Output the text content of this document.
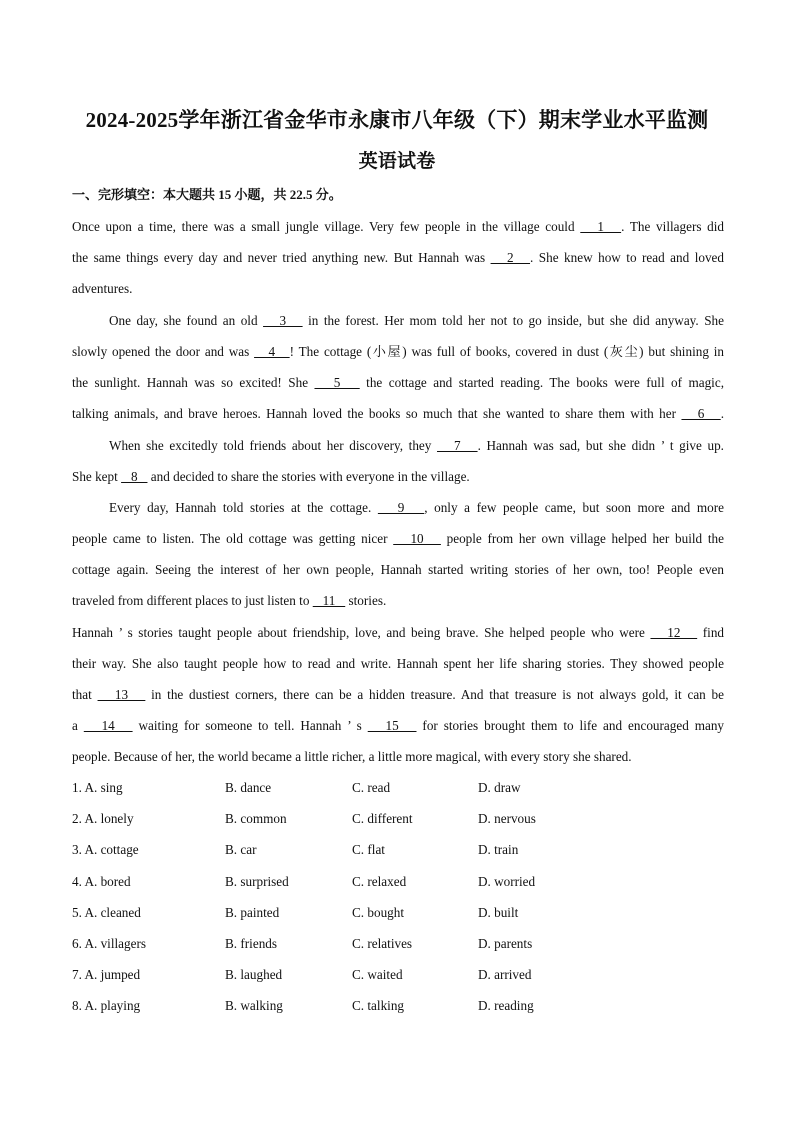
2024-2025学年浙江省金华市永康市八年级（下）期末学业水平监测
英语试卷
一、完形填空：本大题共 15 小题，共 22.5 分。
Once upon a time, there was a small jungle village. Very few people in the village could    1   . The villagers did
the same things every day and never tried anything new. But Hannah was    2   . She knew how to read and loved
adventures.
One day, she found an old    3    in the forest. Her mom told her not to go inside, but she did anyway. She
slowly opened the door and was    4   ! The cottage (小屋) was full of books, covered in dust (灰尘) but shining in
the sunlight. Hannah was so excited! She    5    the cottage and started reading. The books were full of magic,
talking animals, and brave heroes. Hannah loved the books so much that she wanted to share them with her    6   .
When she excitedly told friends about her discovery, they    7   . Hannah was sad, but she didn ’ t give up.
She kept    8    and decided to share the stories with everyone in the village.
Every day, Hannah told stories at the cottage.    9   , only a few people came, but soon more and more
people came to listen. The old cottage was getting nicer    10    people from her own village helped her build the
cottage again. Seeing the interest of her own people, Hannah started writing stories of her own, too! People even
traveled from different places to just listen to    11    stories.
Hannah ’ s stories taught people about friendship, love, and being brave. She helped people who were    12    find
their way. She also taught people how to read and write. Hannah spent her life sharing stories. They showed people
that    13    in the dustiest corners, there can be a hidden treasure. And that treasure is not always gold, it can be
a    14    waiting for someone to tell. Hannah ’ s    15    for stories brought them to life and encouraged many
people. Because of her, the world became a little richer, a little more magical, with every story she shared.
1. A. sing	B. dance	C. read	D. draw
2. A. lonely	B. common	C. different	D. nervous
3. A. cottage	B. car	C. flat	D. train
4. A. bored	B. surprised	C. relaxed	D. worried
5. A. cleaned	B. painted	C. bought	D. built
6. A. villagers	B. friends	C. relatives	D. parents
7. A. jumped	B. laughed	C. waited	D. arrived
8. A. playing	B. walking	C. talking	D. reading
